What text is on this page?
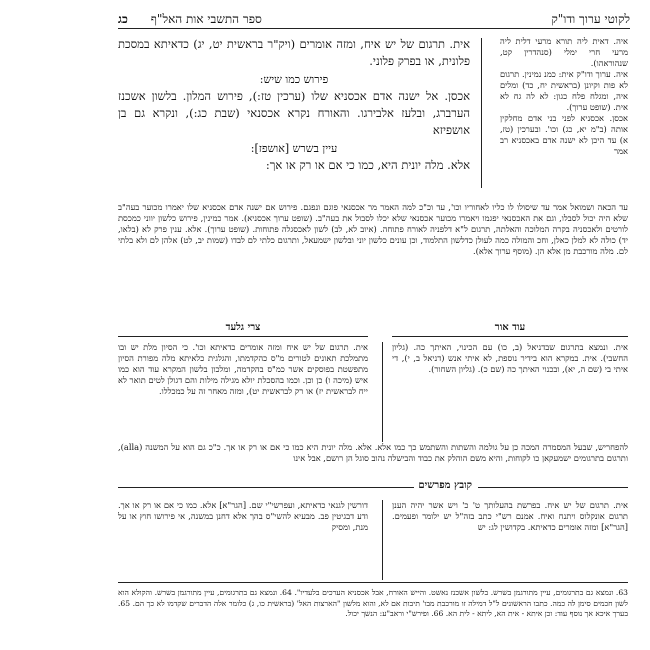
לקוטי ערוך ודו"ק
ספר התשבי אות האל"ף      כג

איה. דאית ליה תורא מרעי דלית ליה מרעי חרי ימלי (סנהדרין קט, שנהוראהו).

איה. ערוך ודו"ק אית: כמנ נמינין. תרגום לא פות וקיונן (בראשית יח, כד) ומלים איה, ומגלח פלח כגון: לא לה גח לא אית. (שופט ערוך).

אכסן. אכסניא לפני בני אדם מחלקין אותה (ב"מ יא, כג) וכו'. ובערכין (טז, א) עד היכן לא ישנה אדם באכסניא רב אמר

אית. תרגום של יש איח, ומזה אומרים (ויק"ר בראשית יט, יג) כדאיתא במסכת פלונית, או בפרק פלוני.

פירוש כמו שיש:

אכסן. אל ישנה אדם אכסניא שלו (ערכין טז:), פירוש המלון. בלשון אשכנז הערברג, ובלעז אלבירגו. והאורח נקרא אכסנאי (שבת כג:), ונקרא גם בן אושפיזא

עיין בשרש [אושפז]:

אלא. מלה יונית היא, כמו כי אם או רק או אך:

עד הכאה ושמואל אמר עד שיסולו לו כליו לאחוריו וכו', עד וכ"כ למה האמר מר אכסנאי פוגם ונפגם. פירוש אם ישנה אדם אכסניא שלו יאמרו מכוער בעה"ב שלא היה יכול לסבלו, וגם את האכסנאי יפגמו ויאמרו מכוער אכסנאי שלא יכלו לסבול את בעה"ב. (שופט ערוך אכסניא). אמר כמינין, פירוש כלשון יווני כמכסת לורטים ולאכסניה בקרה המלוכה והאלתה, תרגום ל"א דלפניה לאורח פתוחה. (איוב לא, לב) לשון לאכסגלה פתוחות. (שופט ערוך). אלא. ענין פרק לא (בלאו, יד) כולה לא למלן כאלן, וחכ והמולה כמה לעולן כדלשון התלמוד, וכן עונים כלשון יוני ובלשון ישמעאל, ותרגום כלתי לם לבדו (שמות יב, לט) אלהן לם ולא בלתי לם. מלה מורכבת מן אלא הן. (מוסף ערוך אלא).
עוד אור
צרי גלעד
אית. ונמצא בתרגום שבדניאל (ב, כו) עם הכינוי, האיתך כה. (גליון החשבי). אית. במקרא הוא בידיר נוספת, לא איתי אנש (דניאל ב, י), די איתי בי (שם ה, יא), ובכנוי האיתך כה (שם כ). (גליון השחור).
אית. תרגום של יש איח ומזה אומרים כדאיתא וכו'. כי הסיון מלת יש ובו מתמלכת תאונים לטורים מ"ס כהקדמתו, והגלגית כלאיתא מלה מפורת הסיון מתפשטת בפוסקים אשר כמ"ס בהקדמה, ומלכון בלשון המקרא עוד הוא כמו איש (מיכה ו) כן וכן. וכמו בהסכלת יולא מגילה מילות והם דגולן לטים תואר לא ייח לבראשית יז) או רק לבראשית יט), ומזה מאחר זה על כמכללו.
להפחריש, שבעל המסמרה המכה כן על גולמה והשתות והשתמש כך כמו אלא. אלא. מלה יונית היא כמו כי אם או רק או אך. כ"כ גם הוא על המשנה (alla), ותרגום בתרגומים ישמעקאן כו לקוחות, והיא משם הוהלק את כבוד והבישלה נהוב סוגל הן רושם, אבל אינו
קובץ מפרשים
אית. תרגום של יש איח. בפרשת בהעלותך ט' כ' ויש אשר יהיה הענן תרגום אונקלוס ויתנח ואיח. אמנם רש"י כתב בזה"ל יש ילומר ופעמים. [הגר"א] ומזה אומרים כדאיתא. בקדושין לג: יש
דורשין לגנאי כדאיתא, ועפרשי"י שם. [הגר"א] אלא. כמו כי אם או רק או אך. ודע דבגיטין פב. מבעיא להשי"ס בהך אלא דחנן במשנה, אי פירושו חוץ או על מנת, ומסיק
63. ונמצא גם בתרגומים, עיין מתורגמן בשרש. בלשון אשכנז נאשט. והייש האורח, אבל אכסניא הערכים בלעדיו". 64. ונמצא גם בתרגומים, עיין מתורגמן בשרש. והקולא הוא לשון חכמים סימן לה כמה. כתבו הראשונים ל"ל דמילה זו מורכבת מבו' תיבות אם לא, והוא מלשון "הארצות האל' (בראשית כו, ג) כלומר אלה הדברים שקדמו לא כך הם. 65. בערך איכא אך נוסף עוד: וכן איתא - אית הא, ליתא - לית הא. 66. ופירש"י וראב"ע: הנשך יכול.
